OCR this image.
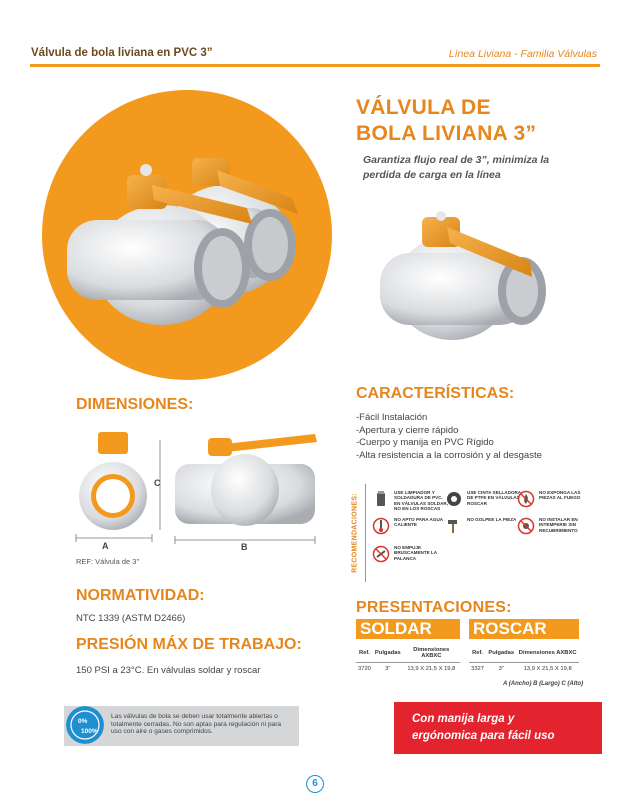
Válvula de bola liviana en PVC 3”	Línea Liviana - Familia Válvulas
VÁLVULA DE
BOLA LIVIANA 3”
Garantiza flujo real de 3”, minimiza la perdida de carga en la línea
DIMENSIONES:
A
C
B
REF: Válvula de 3”
NORMATIVIDAD:
NTC 1339 (ASTM D2466)
PRESIÓN MÁX DE TRABAJO:
150 PSI a 23°C. En válvulas soldar y roscar
CARACTERÍSTICAS:
-Fácil Instalación
-Apertura y cierre rápido
-Cuerpo y manija en PVC Rígido
-Alta resistencia a la corrosión y al desgaste
RECOMENDACIONES:
USE LIMPIADOR Y SOLDADURA DE PVC. EN VÁLVULAS SOLDAR, NO EN LOS ROSCAS
USE CINTA SELLADORA DE PTFE EN VÁLVULAS ROSCAR
NO EXPONGA LAS PIEZAS AL FUEGO
NO APTO PARA AGUA CALIENTE
NO GOLPEE LA PIEZA	NO INSTALAR EN INTEMPERIE SIN RECUBRIMIENTO
NO EMPUJE BRUSCAMENTE LA PALANCA
PRESENTACIONES:
SOLDAR	ROSCAR
Ref.	Pulgadas	Dimensiones AXBXC
3720	3”	13,9 X 21,5 X 19,8
Ref.	Pulgadas	Dimensiones AXBXC
3327	3”	13,9 X 21,5 X 19,8
A (Ancho) B (Largo) C (Alto)
0%
100%
Las válvulas de bola se deben usar totalmente abiertas o totalmente cerradas. No son aptas para regulación ni para uso con aire o gases comprimidos.
Con manija larga y
ergónomica para fácil uso
6
